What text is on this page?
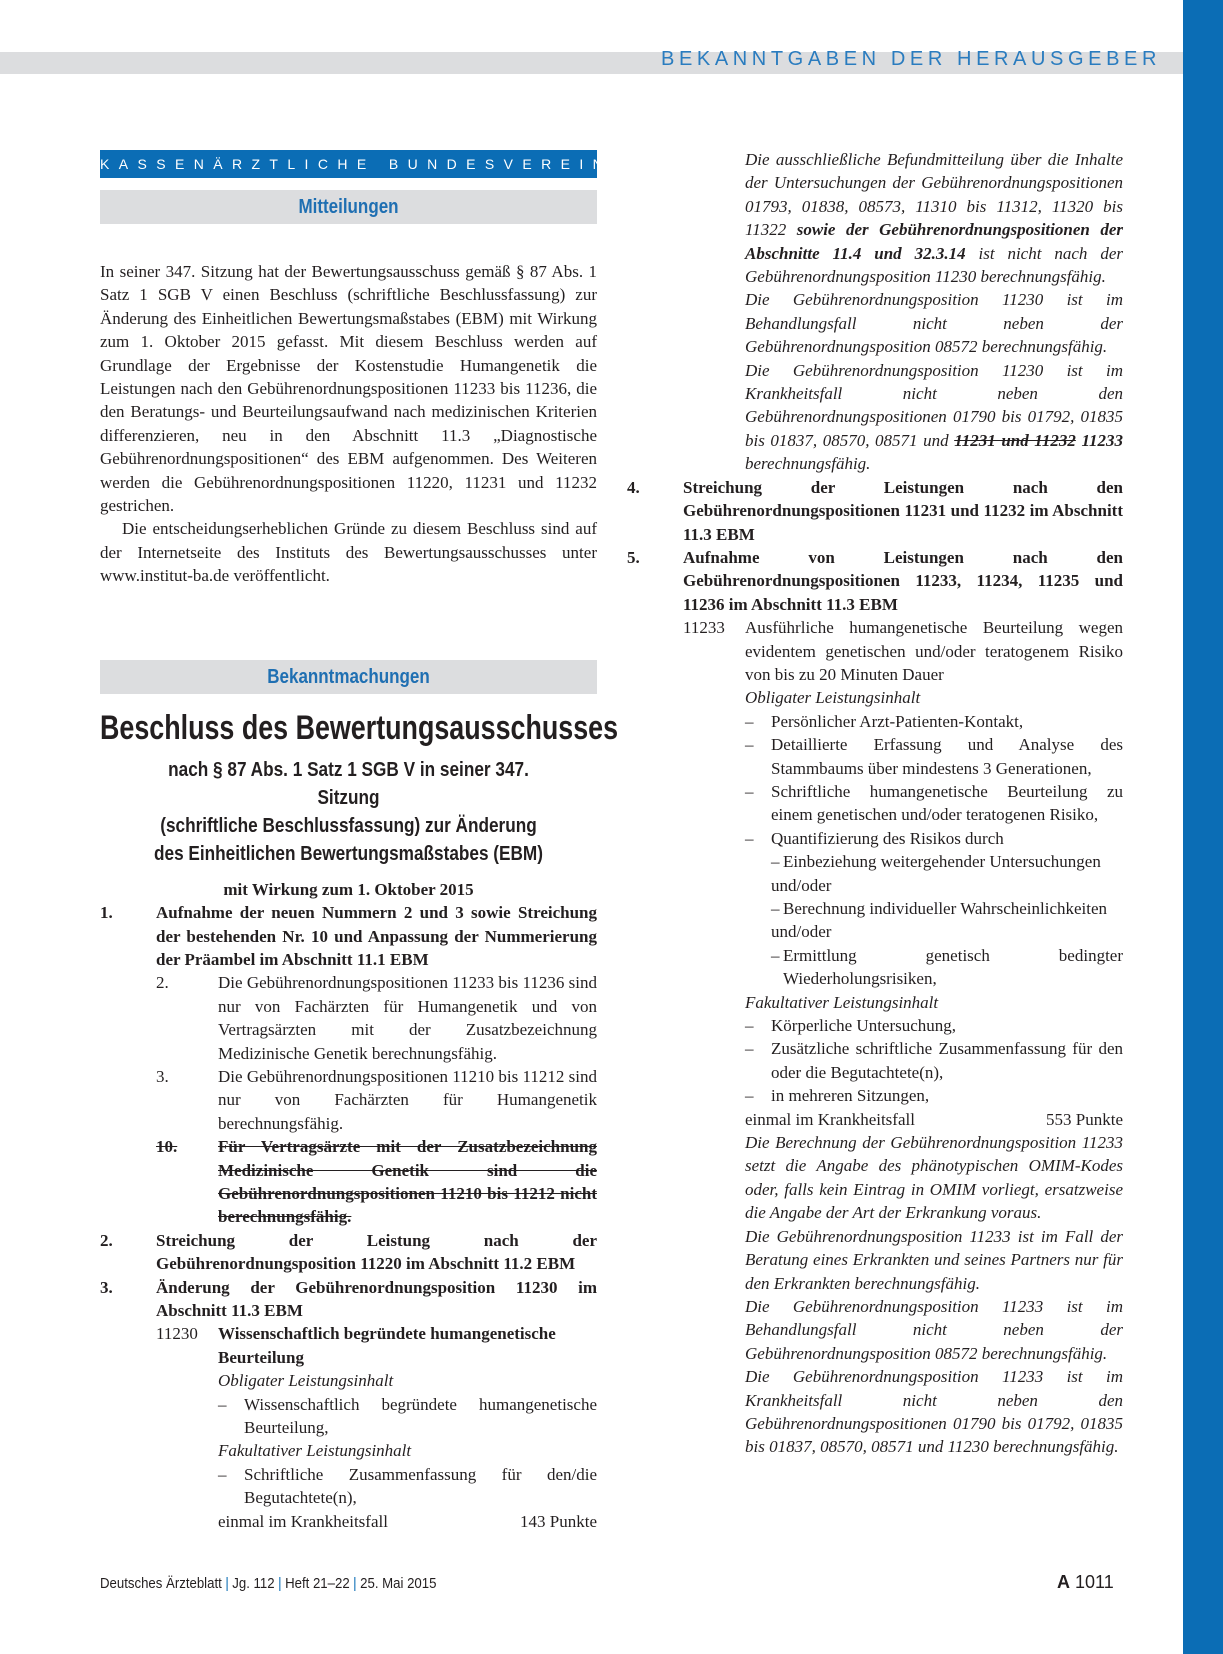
BEKANNTGABEN DER HERAUSGEBER
KASSENÄRZTLICHE BUNDESVEREINIGUNG
Mitteilungen

In seiner 347. Sitzung hat der Bewertungsausschuss gemäß § 87 Abs. 1 Satz 1 SGB V einen Beschluss (schriftliche Beschlussfassung) zur Änderung des Einheitlichen Bewertungsmaßstabes (EBM) mit Wirkung zum 1. Oktober 2015 gefasst. Mit diesem Beschluss werden auf Grundlage der Ergebnisse der Kostenstudie Humangenetik die Leistungen nach den Gebührenordnungspositionen 11233 bis 11236, die den Beratungs- und Beurteilungsaufwand nach medizinischen Kriterien differenzieren, neu in den Abschnitt 11.3 „Diagnostische Gebührenordnungspositionen“ des EBM aufgenommen. Des Weiteren werden die Gebührenordnungspositionen 11220, 11231 und 11232 gestrichen.

Die entscheidungserheblichen Gründe zu diesem Beschluss sind auf der Internetseite des Instituts des Bewertungsausschusses unter www.institut-ba.de veröffentlicht.

Bekanntmachungen
Beschluss des Bewertungsausschusses
nach § 87 Abs. 1 Satz 1 SGB V in seiner 347. Sitzung
(schriftliche Beschlussfassung) zur Änderung
des Einheitlichen Bewertungsmaßstabes (EBM)
mit Wirkung zum 1. Oktober 2015
1.	Aufnahme der neuen Nummern 2 und 3 sowie Streichung der bestehenden Nr. 10 und Anpassung der Nummerierung der Präambel im Abschnitt 11.1 EBM
2.	Die Gebührenordnungspositionen 11233 bis 11236 sind nur von Fachärzten für Humangenetik und von Vertragsärzten mit der Zusatzbezeichnung Medizinische Genetik berechnungsfähig.
3.	Die Gebührenordnungspositionen 11210 bis 11212 sind nur von Fachärzten für Humangenetik berechnungsfähig.
10.	Für Vertragsärzte mit der Zusatzbezeichnung Medizinische Genetik sind die Gebührenordnungspositionen 11210 bis 11212 nicht berechnungsfähig.
2.	Streichung der Leistung nach der Gebührenordnungsposition 11220 im Abschnitt 11.2 EBM
3.	Änderung der Gebührenordnungsposition 11230 im Abschnitt 11.3 EBM
11230	Wissenschaftlich begründete humangenetische Beurteilung
Obligater Leistungsinhalt
–	Wissenschaftlich begründete humangenetische Beurteilung,
Fakultativer Leistungsinhalt
–	Schriftliche Zusammenfassung für den/die Begutachtete(n),
einmal im Krankheitsfall	143 Punkte

Die ausschließliche Befundmitteilung über die Inhalte der Untersuchungen der Gebührenordnungspositionen 01793, 01838, 08573, 11310 bis 11312, 11320 bis 11322 sowie der Gebührenordnungspositionen der Abschnitte 11.4 und 32.3.14 ist nicht nach der Gebührenordnungsposition 11230 berechnungsfähig.

Die Gebührenordnungsposition 11230 ist im Behandlungsfall nicht neben der Gebührenordnungsposition 08572 berechnungsfähig.

Die Gebührenordnungsposition 11230 ist im Krankheitsfall nicht neben den Gebührenordnungspositionen 01790 bis 01792, 01835 bis 01837, 08570, 08571 und 11231 und 11232 11233 berechnungsfähig.

4.	Streichung der Leistungen nach den Gebührenordnungspositionen 11231 und 11232 im Abschnitt 11.3 EBM
5.	Aufnahme von Leistungen nach den Gebührenordnungspositionen 11233, 11234, 11235 und 11236 im Abschnitt 11.3 EBM
11233	Ausführliche humangenetische Beurteilung wegen evidentem genetischen und/oder teratogenem Risiko von bis zu 20 Minuten Dauer
Obligater Leistungsinhalt
–	Persönlicher Arzt-Patienten-Kontakt,
–	Detaillierte Erfassung und Analyse des Stammbaums über mindestens 3 Generationen,
–	Schriftliche humangenetische Beurteilung zu einem genetischen und/oder teratogenen Risiko,
–	Quantifizierung des Risikos durch
– Einbeziehung weitergehender Untersuchungen
und/oder
– Berechnung individueller Wahrscheinlichkeiten
und/oder
– Ermittlung genetisch bedingter Wiederholungsrisiken,
Fakultativer Leistungsinhalt
–	Körperliche Untersuchung,
–	Zusätzliche schriftliche Zusammenfassung für den oder die Begutachtete(n),
–	in mehreren Sitzungen,
einmal im Krankheitsfall	553 Punkte

Die Berechnung der Gebührenordnungsposition 11233 setzt die Angabe des phänotypischen OMIM-Kodes oder, falls kein Eintrag in OMIM vorliegt, ersatzweise die Angabe der Art der Erkrankung voraus.

Die Gebührenordnungsposition 11233 ist im Fall der Beratung eines Erkrankten und seines Partners nur für den Erkrankten berechnungsfähig.

Die Gebührenordnungsposition 11233 ist im Behandlungsfall nicht neben der Gebührenordnungsposition 08572 berechnungsfähig.

Die Gebührenordnungsposition 11233 ist im Krankheitsfall nicht neben den Gebührenordnungspositionen 01790 bis 01792, 01835 bis 01837, 08570, 08571 und 11230 berechnungsfähig.

Deutsches Ärzteblatt | Jg. 112 | Heft 21–22 | 25. Mai 2015	A 1011
